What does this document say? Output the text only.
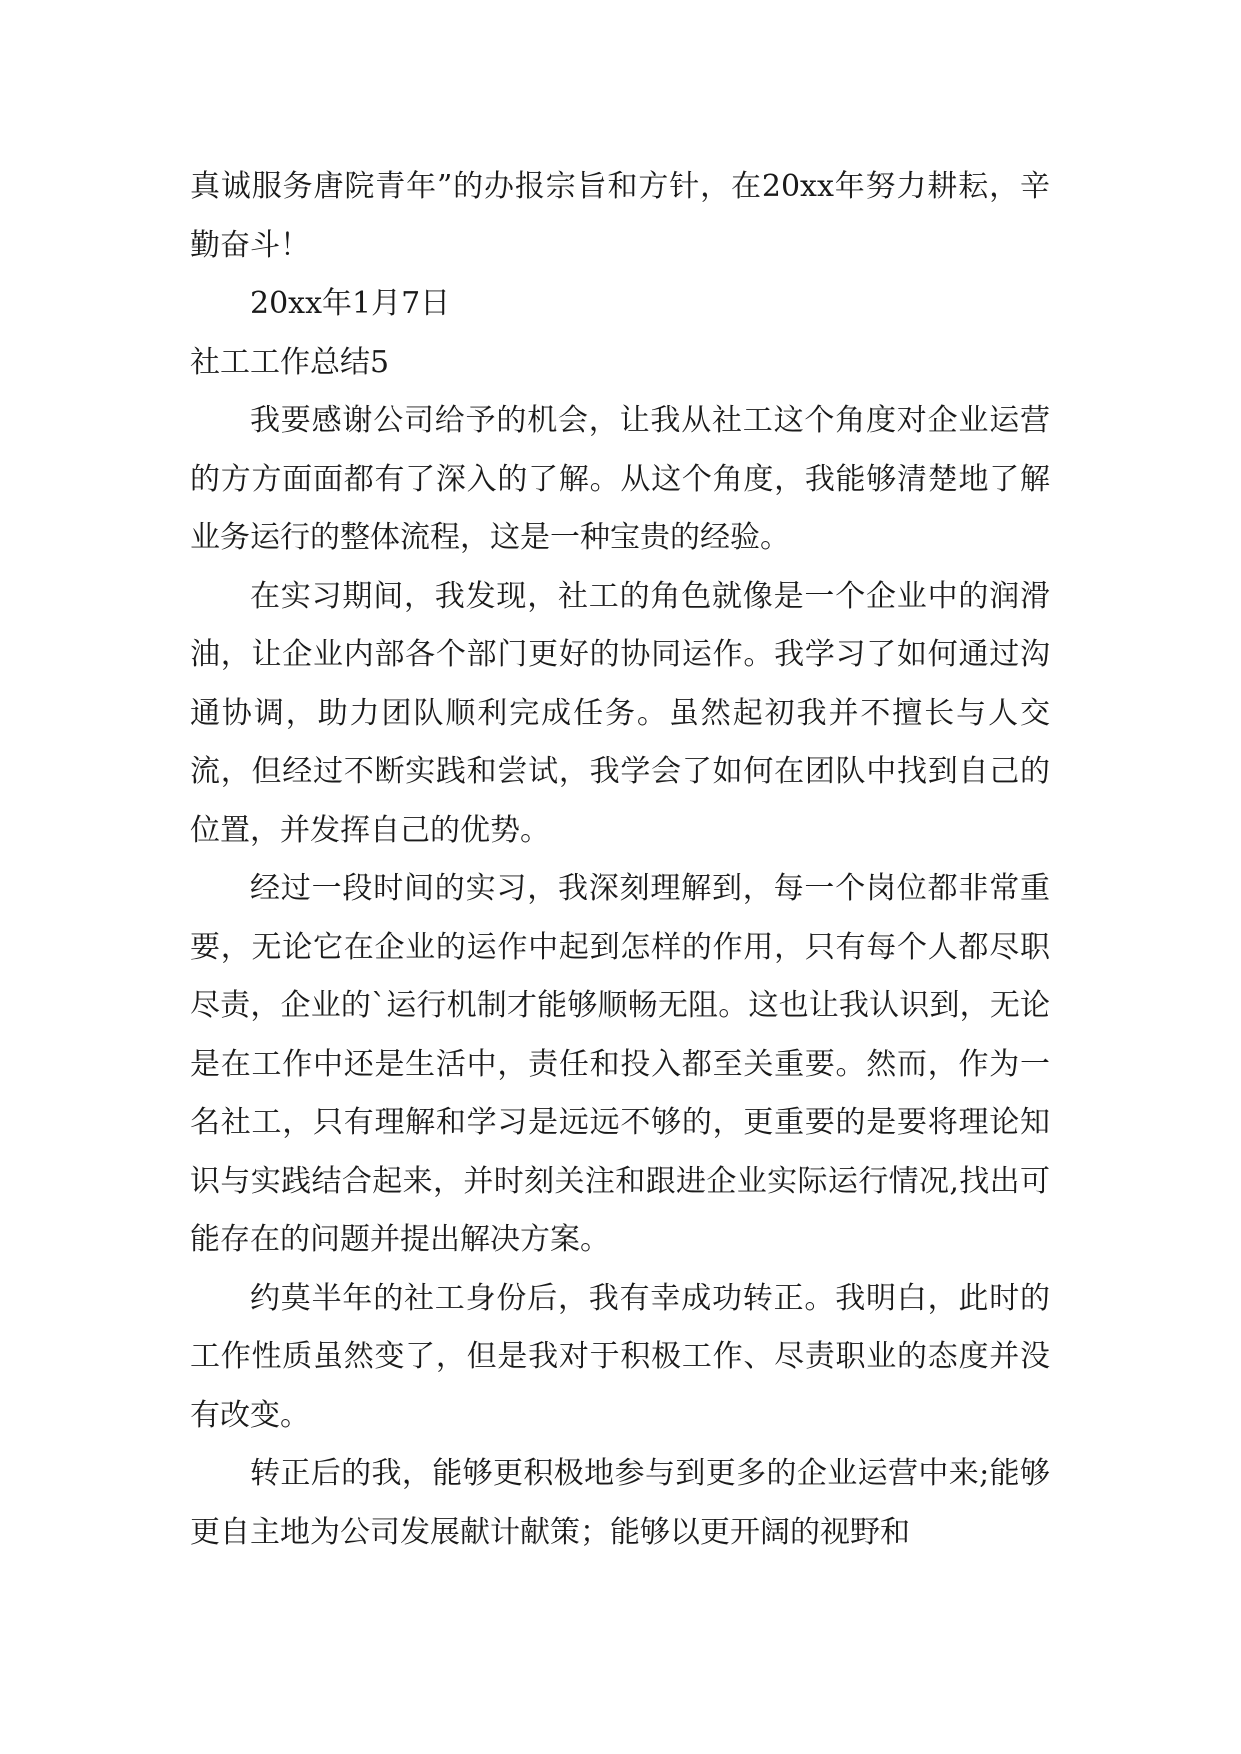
真诚服务唐院青年”的办报宗旨和方针，在20xx年努力耕耘，辛勤奋斗！

20xx年1月7日

社工工作总结5

我要感谢公司给予的机会，让我从社工这个角度对企业运营的方方面面都有了深入的了解。从这个角度，我能够清楚地了解业务运行的整体流程，这是一种宝贵的经验。

在实习期间，我发现，社工的角色就像是一个企业中的润滑油，让企业内部各个部门更好的协同运作。我学习了如何通过沟通协调，助力团队顺利完成任务。虽然起初我并不擅长与人交流，但经过不断实践和尝试，我学会了如何在团队中找到自己的位置，并发挥自己的优势。

经过一段时间的实习，我深刻理解到，每一个岗位都非常重要，无论它在企业的运作中起到怎样的作用，只有每个人都尽职尽责，企业的`运行机制才能够顺畅无阻。这也让我认识到，无论是在工作中还是生活中，责任和投入都至关重要。然而，作为一名社工，只有理解和学习是远远不够的，更重要的是要将理论知识与实践结合起来，并时刻关注和跟进企业实际运行情况,找出可能存在的问题并提出解决方案。

约莫半年的社工身份后，我有幸成功转正。我明白，此时的工作性质虽然变了，但是我对于积极工作、尽责职业的态度并没有改变。

转正后的我，能够更积极地参与到更多的企业运营中来;能够更自主地为公司发展献计献策；能够以更开阔的视野和
